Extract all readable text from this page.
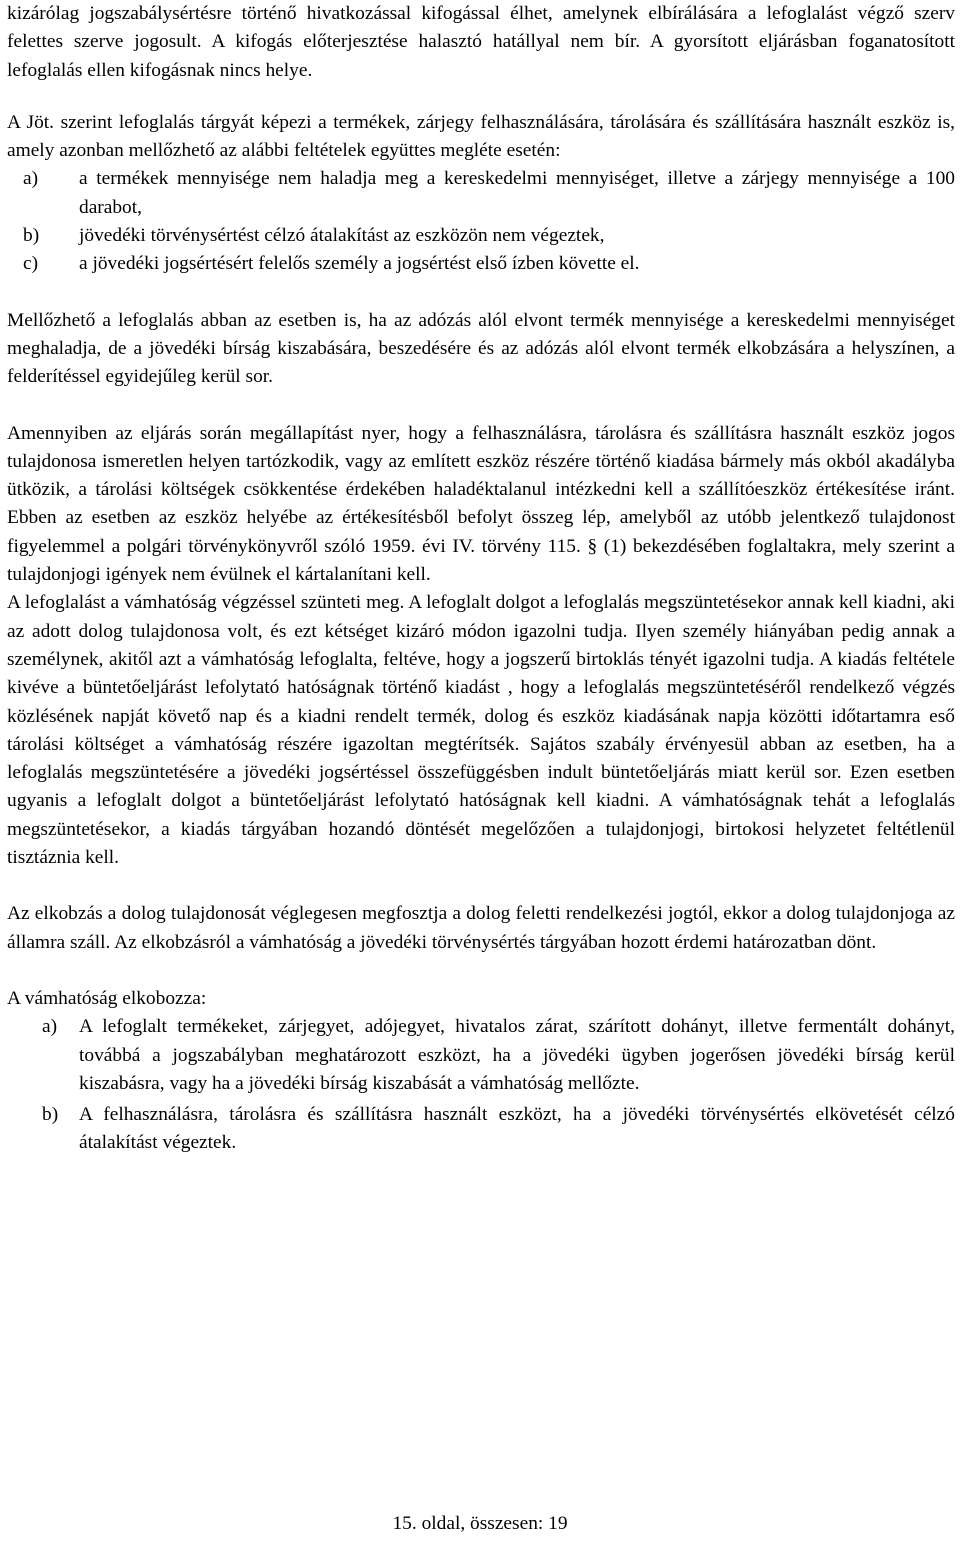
kizárólag jogszabálysértésre történő hivatkozással kifogással élhet, amelynek elbírálására a lefoglalást végző szerv felettes szerve jogosult. A kifogás előterjesztése halasztó hatállyal nem bír. A gyorsított eljárásban foganatosított lefoglalás ellen kifogásnak nincs helye.

A Jöt. szerint lefoglalás tárgyát képezi a termékek, zárjegy felhasználására, tárolására és szállítására használt eszköz is, amely azonban mellőzhető az alábbi feltételek együttes megléte esetén:

a) a termékek mennyisége nem haladja meg a kereskedelmi mennyiséget, illetve a zárjegy mennyisége a 100 darabot,
b) jövedéki törvénysértést célzó átalakítást az eszközön nem végeztek,
c) a jövedéki jogsértésért felelős személy a jogsértést első ízben követte el.

Mellőzhető a lefoglalás abban az esetben is, ha az adózás alól elvont termék mennyisége a kereskedelmi mennyiséget meghaladja, de a jövedéki bírság kiszabására, beszedésére és az adózás alól elvont termék elkobzására a helyszínen, a felderítéssel egyidejűleg kerül sor.

Amennyiben az eljárás során megállapítást nyer, hogy a felhasználásra, tárolásra és szállításra használt eszköz jogos tulajdonosa ismeretlen helyen tartózkodik, vagy az említett eszköz részére történő kiadása bármely más okból akadályba ütközik, a tárolási költségek csökkentése érdekében haladéktalanul intézkedni kell a szállítóeszköz értékesítése iránt. Ebben az esetben az eszköz helyébe az értékesítésből befolyt összeg lép, amelyből az utóbb jelentkező tulajdonost figyelemmel a polgári törvénykönyvről szóló 1959. évi IV. törvény 115. § (1) bekezdésében foglaltakra, mely szerint a tulajdonjogi igények nem évülnek el kártalanítani kell.

A lefoglalást a vámhatóság végzéssel szünteti meg. A lefoglalt dolgot a lefoglalás megszüntetésekor annak kell kiadni, aki az adott dolog tulajdonosa volt, és ezt kétséget kizáró módon igazolni tudja. Ilyen személy hiányában pedig annak a személynek, akitől azt a vámhatóság lefoglalta, feltéve, hogy a jogszerű birtoklás tényét igazolni tudja. A kiadás feltétele kivéve a büntetőeljárást lefolytató hatóságnak történő kiadást , hogy a lefoglalás megszüntetéséről rendelkező végzés közlésének napját követő nap és a kiadni rendelt termék, dolog és eszköz kiadásának napja közötti időtartamra eső tárolási költséget a vámhatóság részére igazoltan megtérítsék. Sajátos szabály érvényesül abban az esetben, ha a lefoglalás megszüntetésére a jövedéki jogsértéssel összefüggésben indult büntetőeljárás miatt kerül sor. Ezen esetben ugyanis a lefoglalt dolgot a büntetőeljárást lefolytató hatóságnak kell kiadni. A vámhatóságnak tehát a lefoglalás megszüntetésekor, a kiadás tárgyában hozandó döntését megelőzően a tulajdonjogi, birtokosi helyzetet feltétlenül tisztáznia kell.

Az elkobzás a dolog tulajdonosát véglegesen megfosztja a dolog feletti rendelkezési jogtól, ekkor a dolog tulajdonjoga az államra száll. Az elkobzásról a vámhatóság a jövedéki törvénysértés tárgyában hozott érdemi határozatban dönt.

A vámhatóság elkobozza:

a) A lefoglalt termékeket, zárjegyet, adójegyet, hivatalos zárat, szárított dohányt, illetve fermentált dohányt, továbbá a jogszabályban meghatározott eszközt, ha a jövedéki ügyben jogerősen jövedéki bírság kerül kiszabásra, vagy ha a jövedéki bírság kiszabását a vámhatóság mellőzte.
b) A felhasználásra, tárolásra és szállításra használt eszközt, ha a jövedéki törvénysértés elkövetését célzó átalakítást végeztek.
15. oldal, összesen: 19
